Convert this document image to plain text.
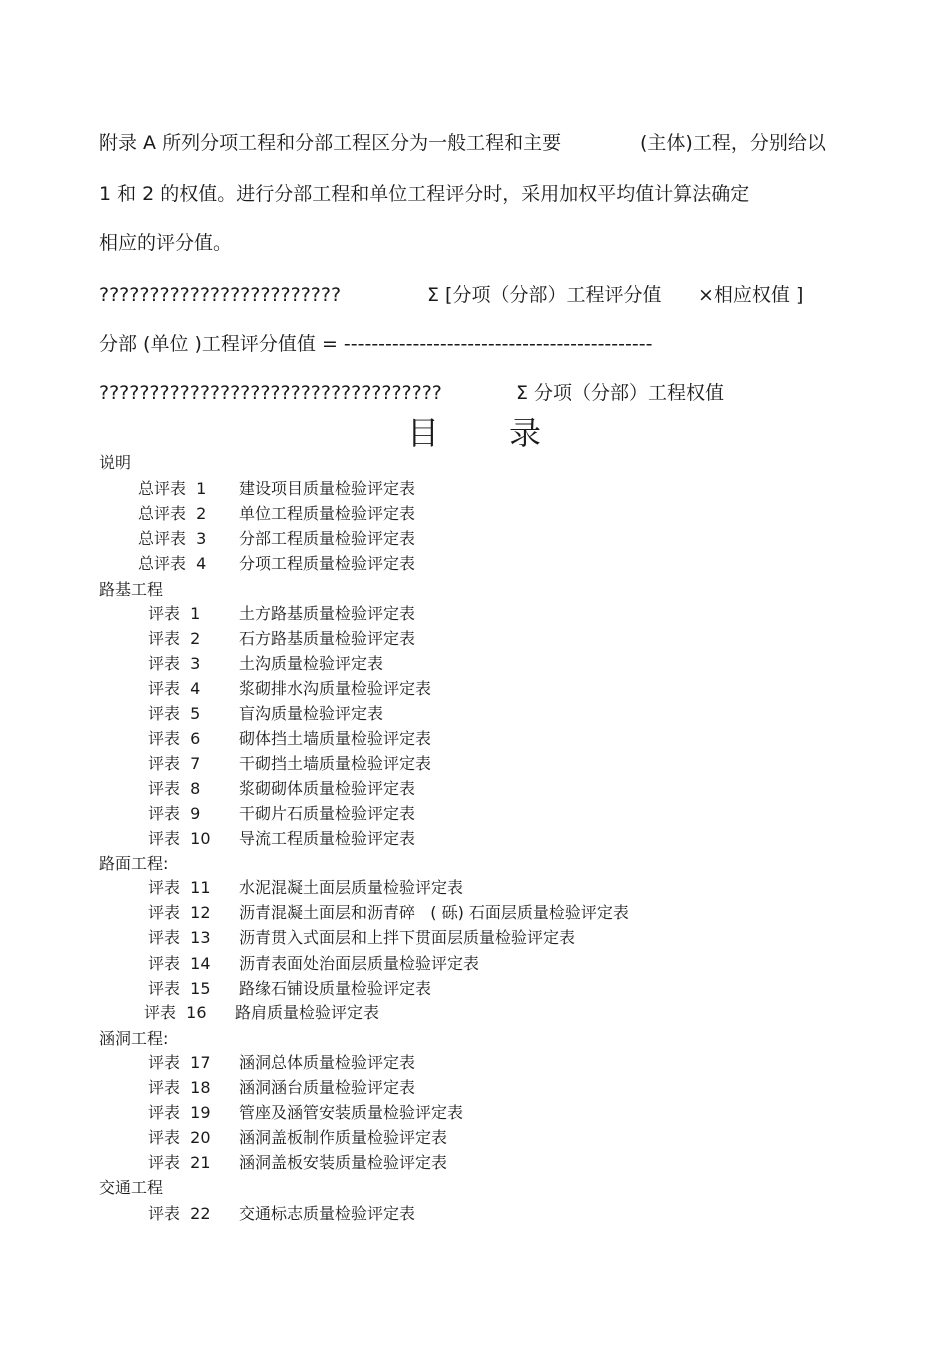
附录 A 所列分项工程和分部工程区分为一般工程和主要	(主体)工程，分别给以
1 和 2 的权值。进行分部工程和单位工程评分时，采用加权平均值计算法确定
相应的评分值。
????????????????????????	Σ [分项（分部）工程评分值 ×相应权值 ]
分部 (单位 )工程评分值值 = ---------------------------------------------
??????????????????????????????????	Σ 分项（分部）工程权值
目 录
说明
总评表  1 建设项目质量检验评定表
总评表  2 单位工程质量检验评定表
总评表  3 分部工程质量检验评定表
总评表  4 分项工程质量检验评定表
路基工程
评表  1 土方路基质量检验评定表
评表  2 石方路基质量检验评定表
评表  3 土沟质量检验评定表
评表  4 浆砌排水沟质量检验评定表
评表  5 盲沟质量检验评定表
评表  6 砌体挡土墙质量检验评定表
评表  7 干砌挡土墙质量检验评定表
评表  8 浆砌砌体质量检验评定表
评表  9 干砌片石质量检验评定表
评表  10 导流工程质量检验评定表
路面工程:
评表  11 水泥混凝土面层质量检验评定表
评表  12 沥青混凝土面层和沥青碎   ( 砾) 石面层质量检验评定表
评表  13 沥青贯入式面层和上拌下贯面层质量检验评定表
评表  14 沥青表面处治面层质量检验评定表
评表  15 路缘石铺设质量检验评定表
评表  16 路肩质量检验评定表
涵洞工程:
评表  17 涵洞总体质量检验评定表
评表  18 涵洞涵台质量检验评定表
评表  19 管座及涵管安装质量检验评定表
评表  20 涵洞盖板制作质量检验评定表
评表  21 涵洞盖板安装质量检验评定表
交通工程
评表  22 交通标志质量检验评定表
